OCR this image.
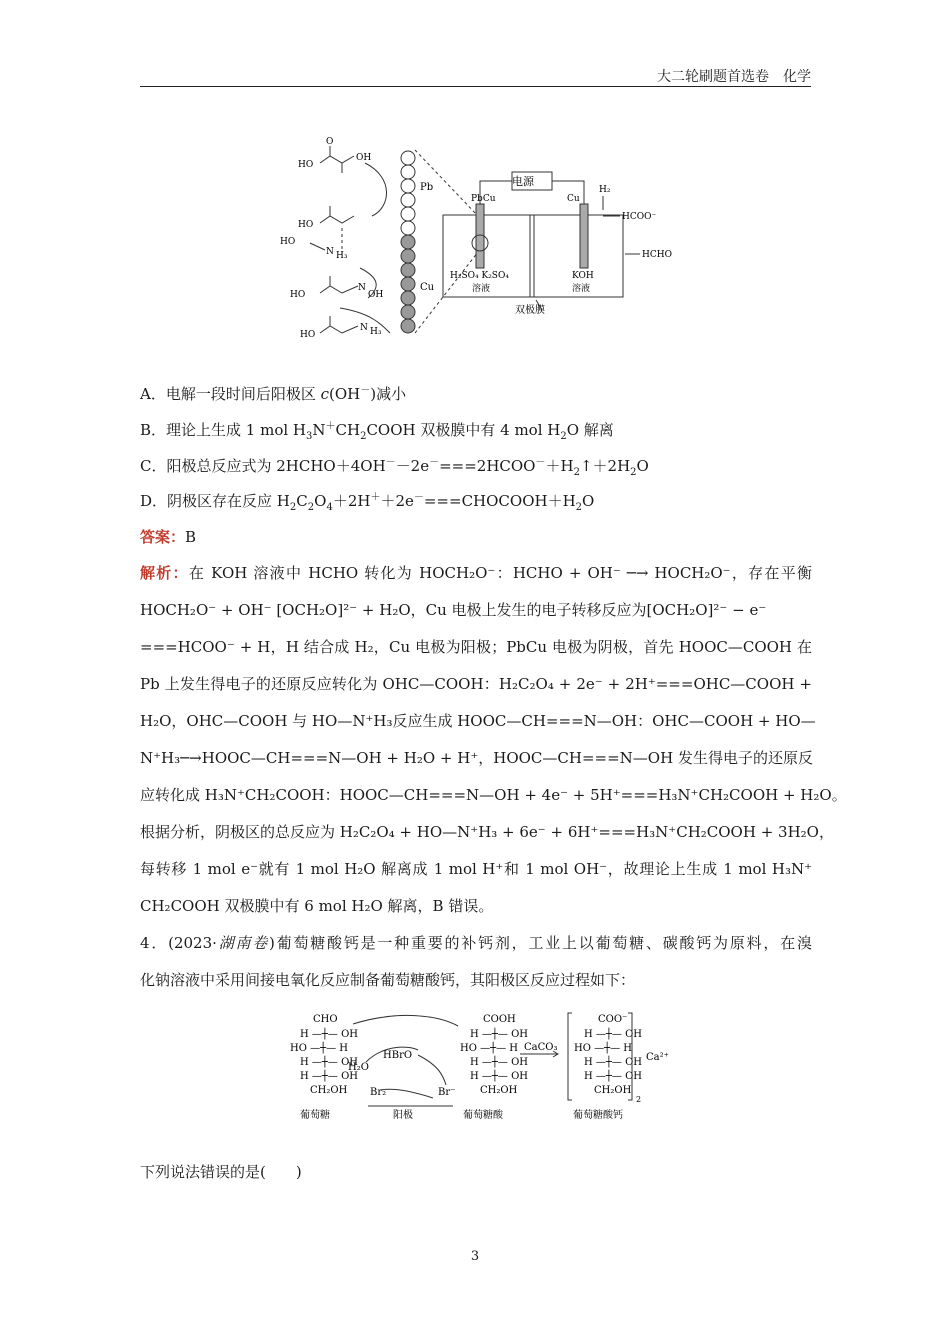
大二轮刷题首选卷　化学
电源
PbCu	Cu
H₂
HCOO⁻
HCHO
H₂SO₄ K₂SO₄
溶液
KOH
溶液
双极膜
Pb
Cu
HO
OH
O
HO
HO
N H₃
HO
N
OH
HO
N H₃
A．电解一段时间后阳极区 c(OH－)减小
B．理论上生成 1 mol $H_3N^+CH_2COOH$ 双极膜中有 4 mol $H_2O$ 解离
C．阳极总反应式为 $2HCHO+4OH^--2e^-===2HCOO^-+H_2↑+2H_2O$
D．阴极区存在反应 $H_2C_2O_4+2H^++2e^-===CHOCOOH+H_2O$
答案：B
解析：在 KOH 溶液中 HCHO 转化为 HOCH₂O⁻：HCHO + OH⁻ ─→ HOCH₂O⁻，存在平衡
HOCH₂O⁻ + OH⁻ [OCH₂O]²⁻ + H₂O，Cu 电极上发生的电子转移反应为[OCH₂O]²⁻ − e⁻
===HCOO⁻ + H，H 结合成 H₂，Cu 电极为阳极；PbCu 电极为阴极，首先 HOOC—COOH 在
Pb 上发生得电子的还原反应转化为 OHC—COOH：H₂C₂O₄ + 2e⁻ + 2H⁺===OHC—COOH +
H₂O，OHC—COOH 与 HO—N⁺H₃反应生成 HOOC—CH===N—OH：OHC—COOH + HO—
N⁺H₃─→HOOC—CH===N—OH + H₂O + H⁺，HOOC—CH===N—OH 发生得电子的还原反
应转化成 H₃N⁺CH₂COOH：HOOC—CH===N—OH + 4e⁻ + 5H⁺===H₃N⁺CH₂COOH + H₂O。
根据分析，阴极区的总反应为 H₂C₂O₄ + HO—N⁺H₃ + 6e⁻ + 6H⁺===H₃N⁺CH₂COOH + 3H₂O，
每转移 1 mol e⁻就有 1 mol H₂O 解离成 1 mol H⁺和 1 mol OH⁻，故理论上生成 1 mol H₃N⁺
CH₂COOH 双极膜中有 6 mol H₂O 解离，B 错误。
4．(2023·湖南卷)葡萄糖酸钙是一种重要的补钙剂，工业上以葡萄糖、碳酸钙为原料，在溴
化钠溶液中采用间接电氧化反应制备葡萄糖酸钙，其阳极区反应过程如下：
CHO
H —┼— OH
HO —┼— H
H —┼— OH
H —┼— OH
CH₂OH
H₂O
HBrO
Br₂	Br⁻
COOH
H —┼— OH
HO —┼— H
H —┼— OH
H —┼— OH
CH₂OH
CaCO₃
COO⁻
H —┼— OH
HO —┼— H
H —┼— OH
H —┼— OH
CH₂OH
Ca²⁺
2
葡萄糖	阳极	葡萄糖酸	葡萄糖酸钙
下列说法错误的是(　　)
3
